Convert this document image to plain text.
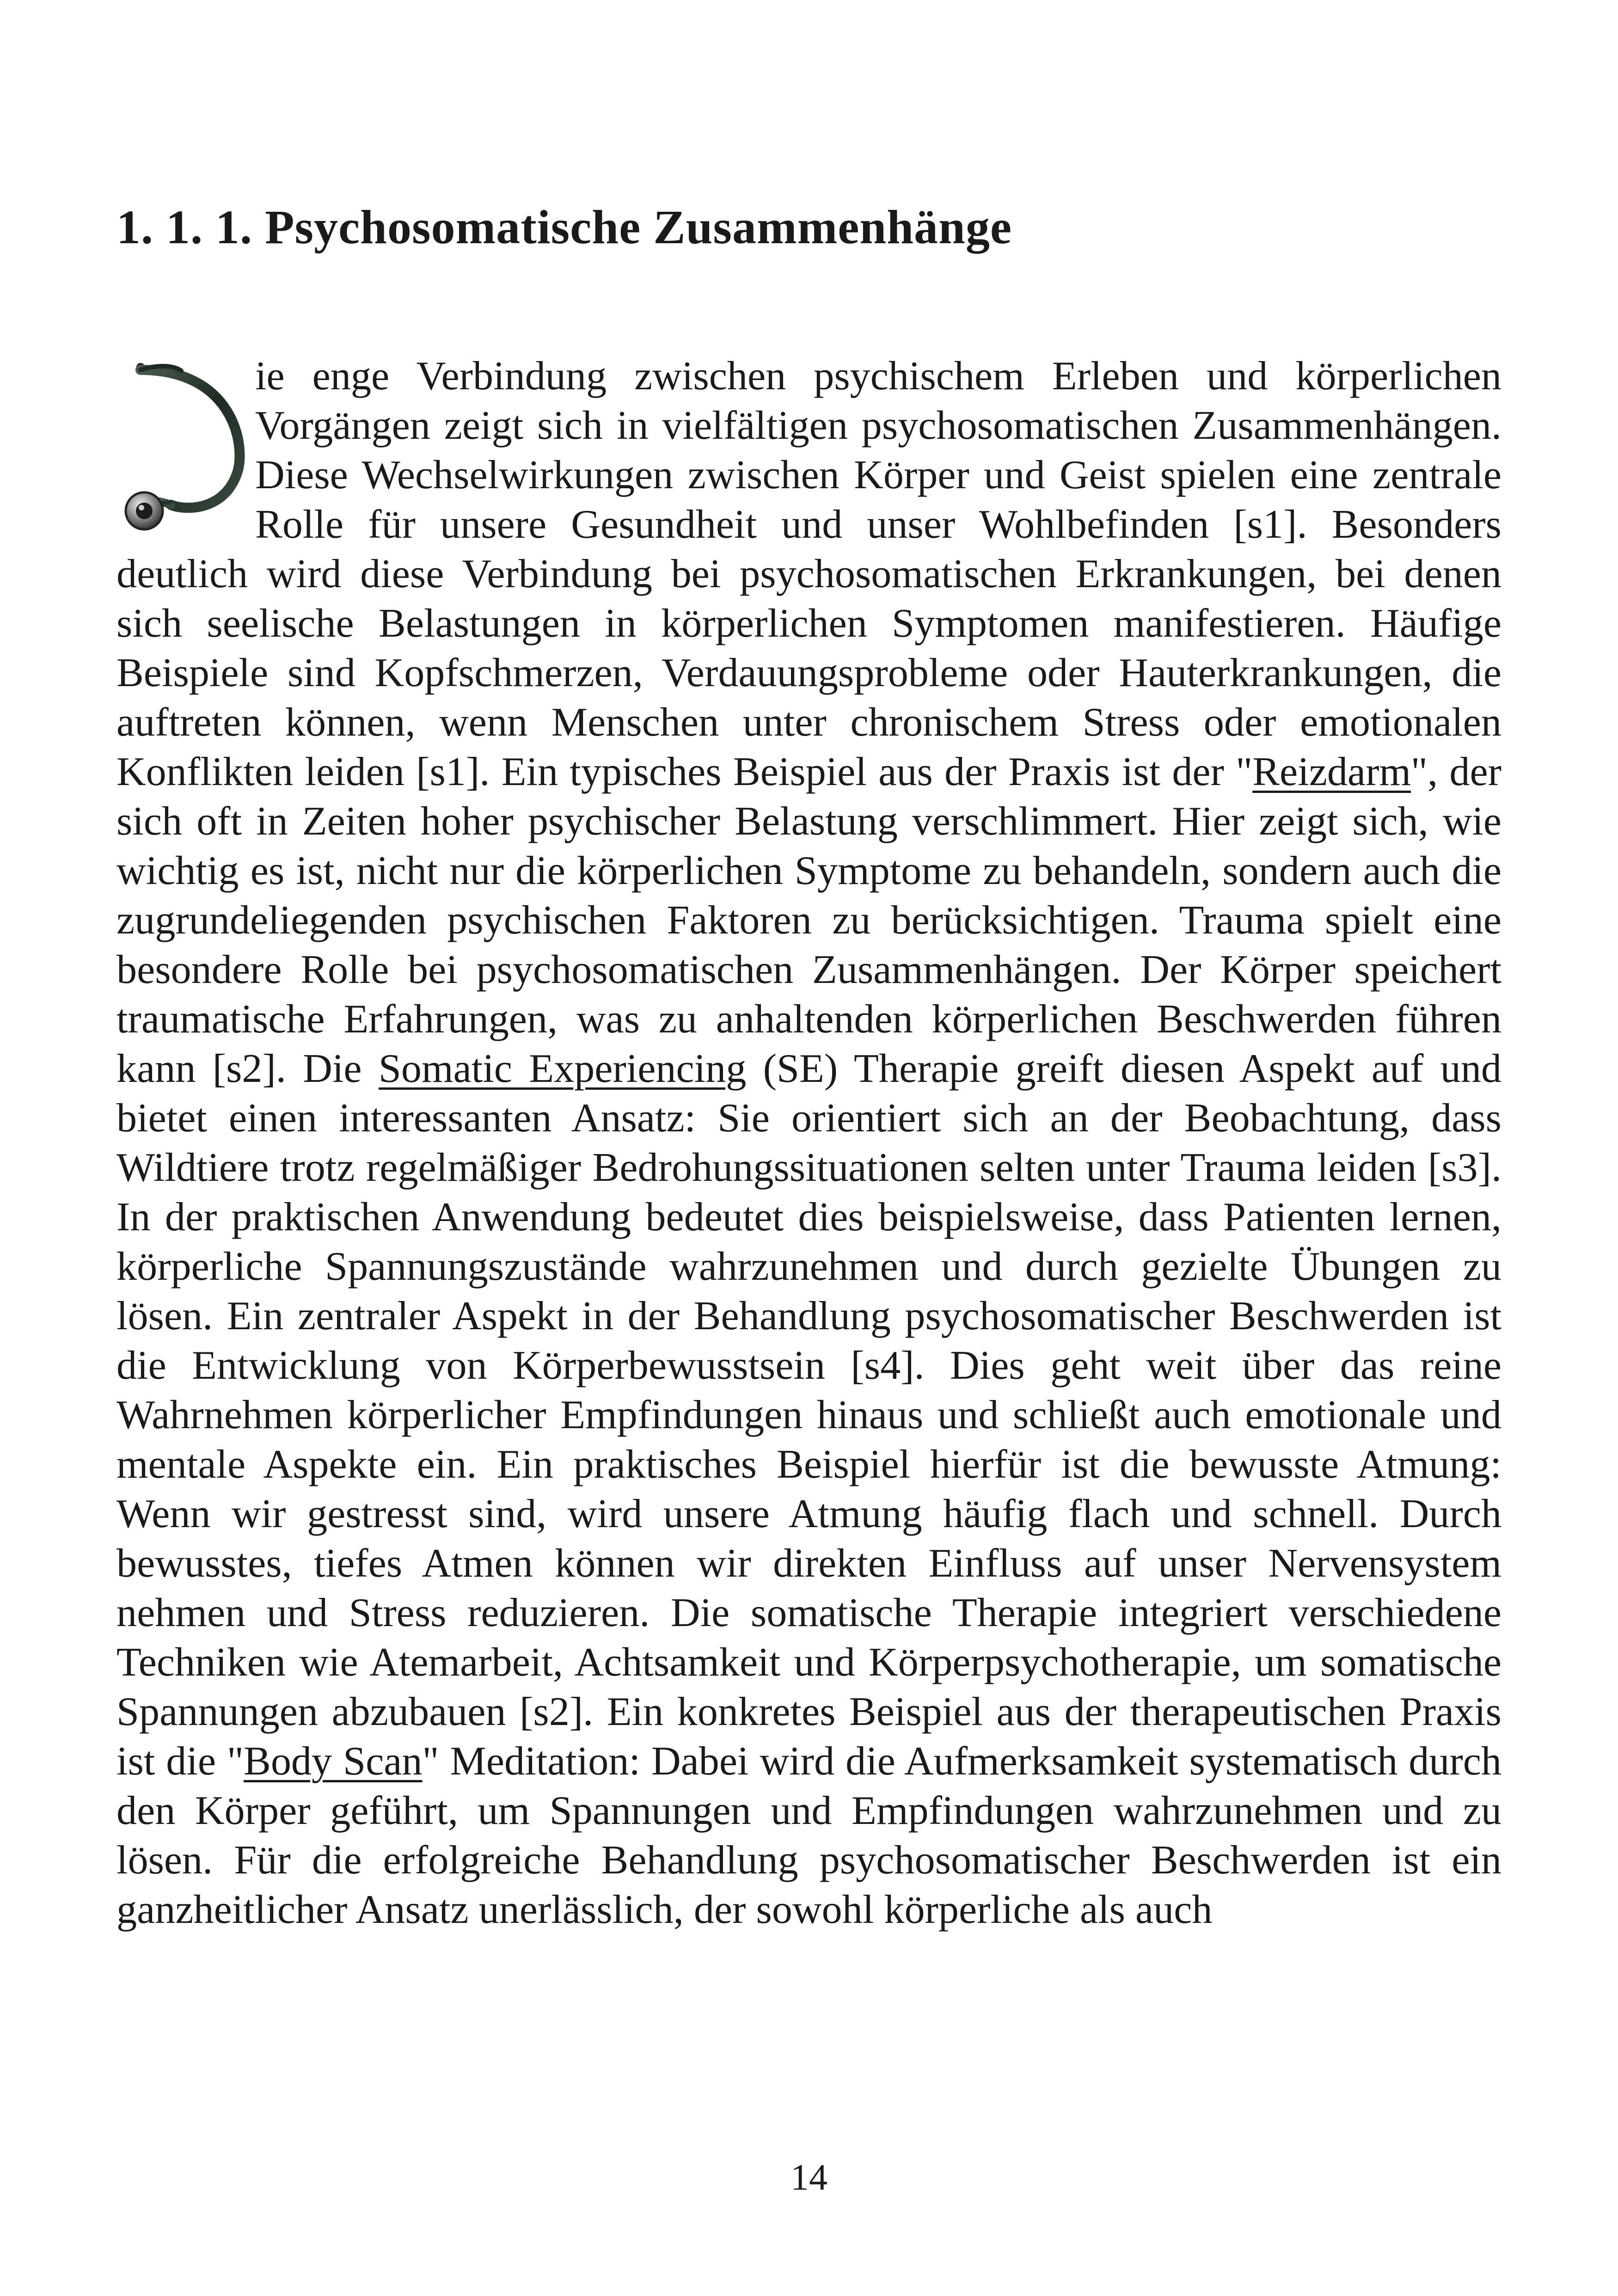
1. 1. 1. Psychosomatische Zusammenhänge

ie enge Verbindung zwischen psychischem Erleben und körperlichen Vorgängen zeigt sich in vielfältigen psychosomatischen Zusammenhängen. Diese Wechselwirkungen zwischen Körper und Geist spielen eine zentrale Rolle für unsere Gesundheit und unser Wohlbefinden [s1]. Besonders deutlich wird diese Verbindung bei psychosomatischen Erkrankungen, bei denen sich seelische Belastungen in körperlichen Symptomen manifestieren. Häufige Beispiele sind Kopfschmerzen, Verdauungsprobleme oder Hauterkrankungen, die auftreten können, wenn Menschen unter chronischem Stress oder emotionalen Konflikten leiden [s1]. Ein typisches Beispiel aus der Praxis ist der "Reizdarm", der sich oft in Zeiten hoher psychischer Belastung verschlimmert. Hier zeigt sich, wie wichtig es ist, nicht nur die körperlichen Symptome zu behandeln, sondern auch die zugrundeliegenden psychischen Faktoren zu berücksichtigen. Trauma spielt eine besondere Rolle bei psychosomatischen Zusammenhängen. Der Körper speichert traumatische Erfahrungen, was zu anhaltenden körperlichen Beschwerden führen kann [s2]. Die Somatic Experiencing (SE) Therapie greift diesen Aspekt auf und bietet einen interessanten Ansatz: Sie orientiert sich an der Beobachtung, dass Wildtiere trotz regelmäßiger Bedrohungssituationen selten unter Trauma leiden [s3]. In der praktischen Anwendung bedeutet dies beispielsweise, dass Patienten lernen, körperliche Spannungszustände wahrzunehmen und durch gezielte Übungen zu lösen. Ein zentraler Aspekt in der Behandlung psychosomatischer Beschwerden ist die Entwicklung von Körperbewusstsein [s4]. Dies geht weit über das reine Wahrnehmen körperlicher Empfindungen hinaus und schließt auch emotionale und mentale Aspekte ein. Ein praktisches Beispiel hierfür ist die bewusste Atmung: Wenn wir gestresst sind, wird unsere Atmung häufig flach und schnell. Durch bewusstes, tiefes Atmen können wir direkten Einfluss auf unser Nervensystem nehmen und Stress reduzieren. Die somatische Therapie integriert verschiedene Techniken wie Atemarbeit, Achtsamkeit und Körperpsychotherapie, um somatische Spannungen abzubauen [s2]. Ein konkretes Beispiel aus der therapeutischen Praxis ist die "Body Scan" Meditation: Dabei wird die Aufmerksamkeit systematisch durch den Körper geführt, um Spannungen und Empfindungen wahrzunehmen und zu lösen. Für die erfolgreiche Behandlung psychosomatischer Beschwerden ist ein ganzheitlicher Ansatz unerlässlich, der sowohl körperliche als auch

14
